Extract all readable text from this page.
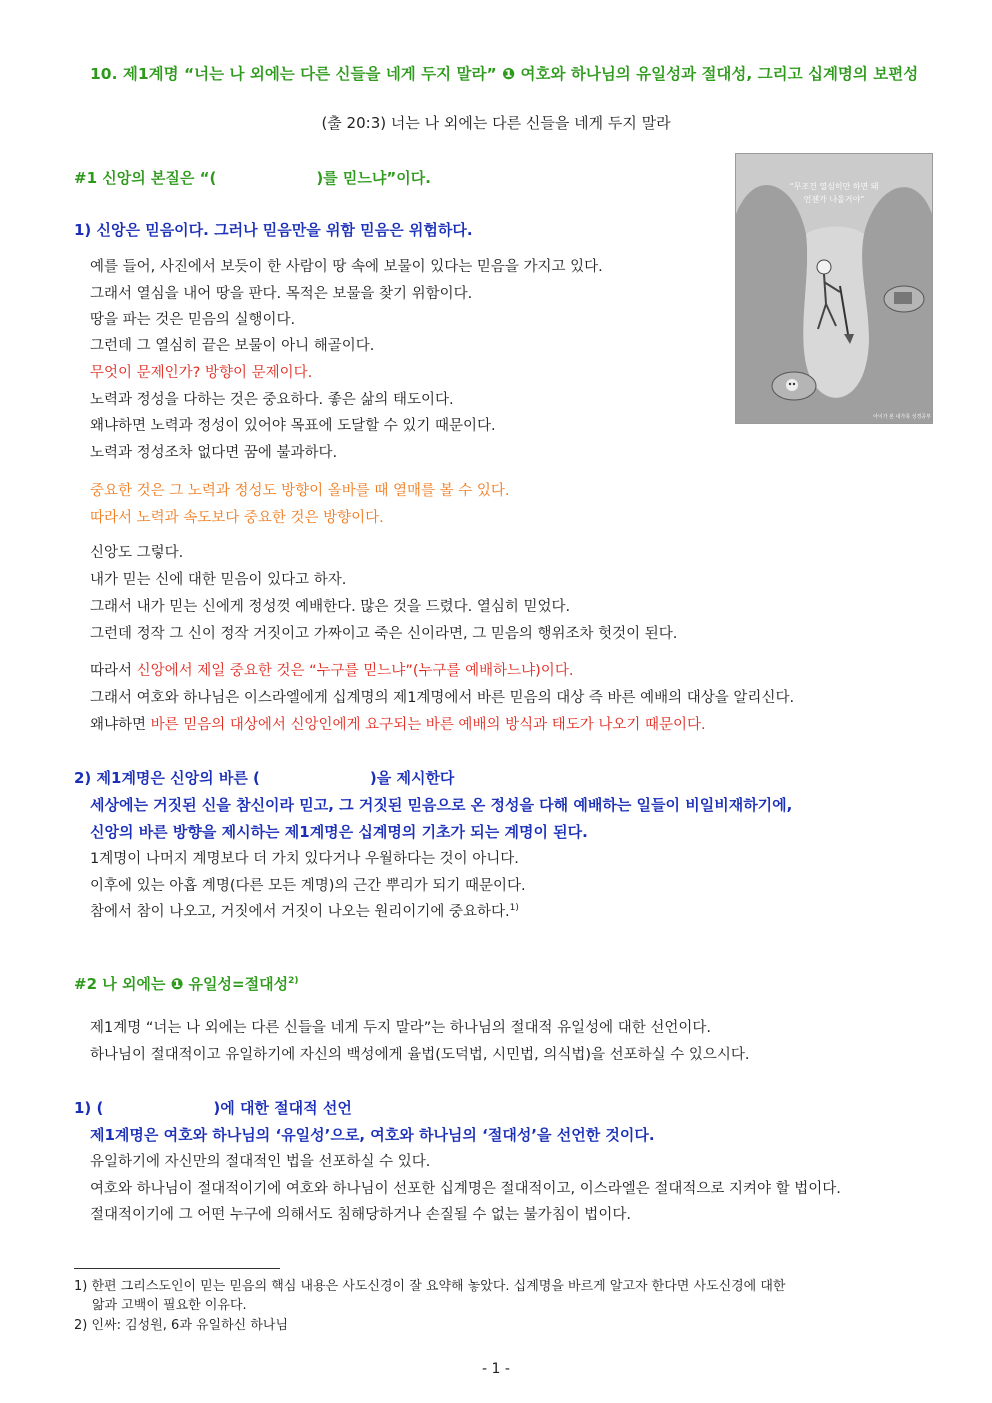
10. 제1계명 “너는 나 외에는 다른 신들을 네게 두지 말라” ❶ 여호와 하나님의 유일성과 절대성, 그리고 십계명의 보편성
(출 20:3) 너는 나 외에는 다른 신들을 네게 두지 말라
“무조건 열심히만 하면 돼
언젠가 나올거야”
아이가 본 내가족 성경공부
#1 신앙의 본질은 “(	)를 믿느냐”이다.
1) 신앙은 믿음이다. 그러나 믿음만을 위함 믿음은 위험하다.
예를 들어, 사진에서 보듯이 한 사람이 땅 속에 보물이 있다는 믿음을 가지고 있다.
그래서 열심을 내어 땅을 판다. 목적은 보물을 찾기 위함이다.
땅을 파는 것은 믿음의 실행이다.
그런데 그 열심히 끝은 보물이 아니 해골이다.
무엇이 문제인가? 방향이 문제이다.
노력과 정성을 다하는 것은 중요하다. 좋은 삶의 태도이다.
왜냐하면 노력과 정성이 있어야 목표에 도달할 수 있기 때문이다.
노력과 정성조차 없다면 꿈에 불과하다.
중요한 것은 그 노력과 정성도 방향이 올바를 때 열매를 볼 수 있다.
따라서 노력과 속도보다 중요한 것은 방향이다.
신앙도 그렇다.
내가 믿는 신에 대한 믿음이 있다고 하자.
그래서 내가 믿는 신에게 정성껏 예배한다. 많은 것을 드렸다. 열심히 믿었다.
그런데 정작 그 신이 정작 거짓이고 가짜이고 죽은 신이라면, 그 믿음의 행위조차 헛것이 된다.
따라서 신앙에서 제일 중요한 것은 “누구를 믿느냐”(누구를 예배하느냐)이다.
그래서 여호와 하나님은 이스라엘에게 십계명의 제1계명에서 바른 믿음의 대상 즉 바른 예배의 대상을 알리신다.
왜냐하면 바른 믿음의 대상에서 신앙인에게 요구되는 바른 예배의 방식과 태도가 나오기 때문이다.
2) 제1계명은 신앙의 바른 (	)을 제시한다
세상에는 거짓된 신을 참신이라 믿고, 그 거짓된 믿음으로 온 정성을 다해 예배하는 일들이 비일비재하기에,
신앙의 바른 방향을 제시하는 제1계명은 십계명의 기초가 되는 계명이 된다.
1계명이 나머지 계명보다 더 가치 있다거나 우월하다는 것이 아니다.
이후에 있는 아홉 계명(다른 모든 계명)의 근간 뿌리가 되기 때문이다.
참에서 참이 나오고, 거짓에서 거짓이 나오는 원리이기에 중요하다.$^{1)}$
#2 나 외에는 ❶ 유일성=절대성$^{2)}$
제1계명 “너는 나 외에는 다른 신들을 네게 두지 말라”는 하나님의 절대적 유일성에 대한 선언이다.
하나님이 절대적이고 유일하기에 자신의 백성에게 율법(도덕법, 시민법, 의식법)을 선포하실 수 있으시다.
1) (	)에 대한 절대적 선언
제1계명은 여호와 하나님의 ‘유일성’으로, 여호와 하나님의 ‘절대성’을 선언한 것이다.
유일하기에 자신만의 절대적인 법을 선포하실 수 있다.
여호와 하나님이 절대적이기에 여호와 하나님이 선포한 십계명은 절대적이고, 이스라엘은 절대적으로 지켜야 할 법이다.
절대적이기에 그 어떤 누구에 의해서도 침해당하거나 손질될 수 없는 불가침이 법이다.
1) 한편 그리스도인이 믿는 믿음의 핵심 내용은 사도신경이 잘 요약해 놓았다. 십계명을 바르게 알고자 한다면 사도신경에 대한
앎과 고백이 필요한 이유다.
2) 인싸: 김성원, 6과 유일하신 하나님
- 1 -
